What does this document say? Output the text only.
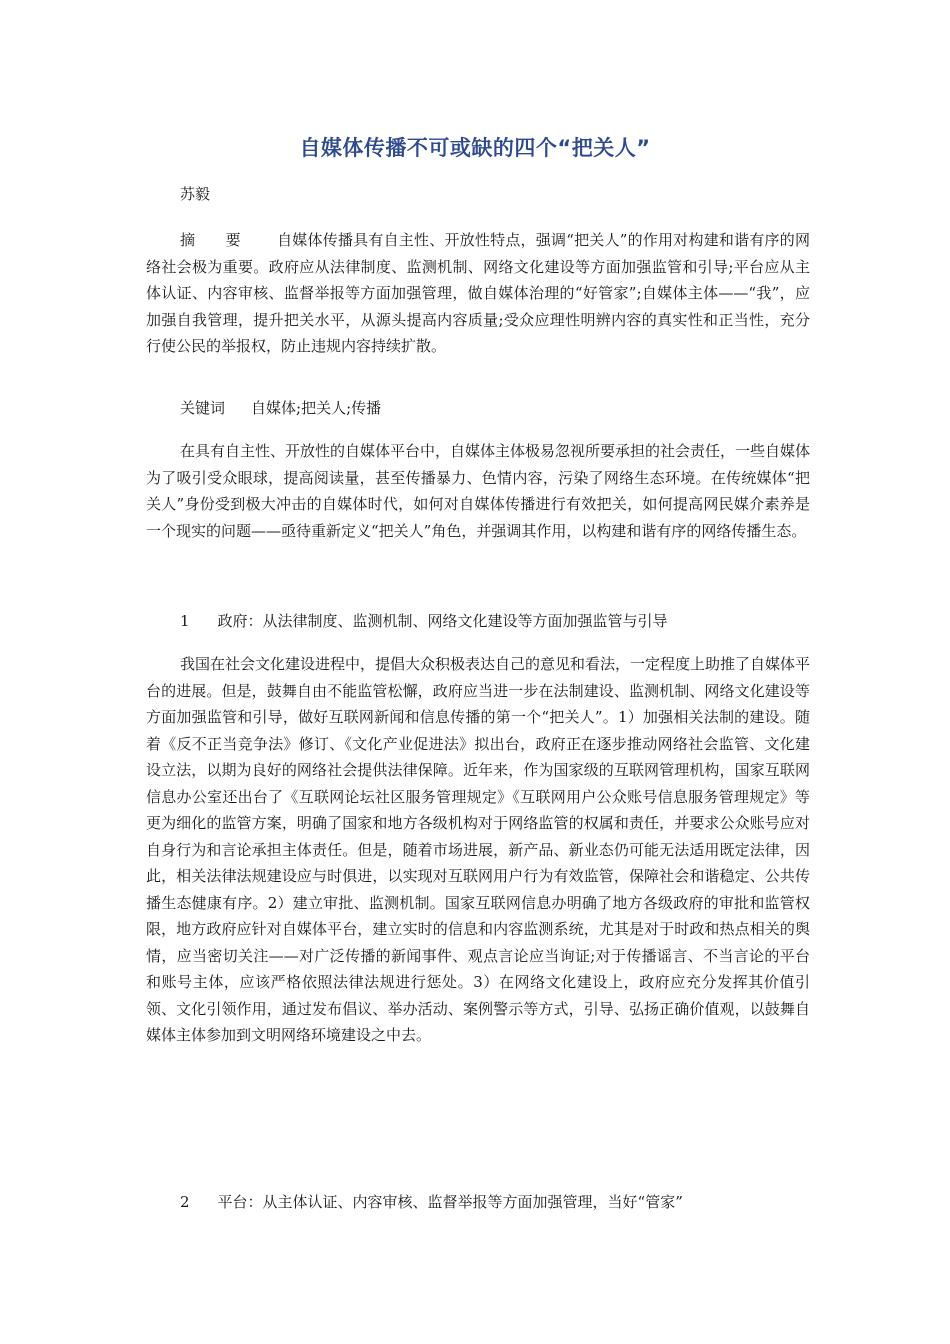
自媒体传播不可或缺的四个“把关人”
苏毅
摘　　要 自媒体传播具有自主性、开放性特点，强调“把关人”的作用对构建和谐有序的网络社会极为重要。政府应从法律制度、监测机制、网络文化建设等方面加强监管和引导;平台应从主体认证、内容审核、监督举报等方面加强管理，做自媒体治理的“好管家”;自媒体主体——“我”，应加强自我管理，提升把关水平，从源头提高内容质量;受众应理性明辨内容的真实性和正当性，充分行使公民的举报权，防止违规内容持续扩散。
关键词 自媒体;把关人;传播
在具有自主性、开放性的自媒体平台中，自媒体主体极易忽视所要承担的社会责任，一些自媒体为了吸引受众眼球，提高阅读量，甚至传播暴力、色情内容，污染了网络生态环境。在传统媒体“把关人”身份受到极大冲击的自媒体时代，如何对自媒体传播进行有效把关，如何提高网民媒介素养是一个现实的问题——亟待重新定义“把关人”角色，并强调其作用，以构建和谐有序的网络传播生态。
1 政府：从法律制度、监测机制、网络文化建设等方面加强监管与引导
我国在社会文化建设进程中，提倡大众积极表达自己的意见和看法，一定程度上助推了自媒体平台的进展。但是，鼓舞自由不能监管松懈，政府应当进一步在法制建设、监测机制、网络文化建设等方面加强监管和引导，做好互联网新闻和信息传播的第一个“把关人”。1）加强相关法制的建设。随着《反不正当竞争法》修订、《文化产业促进法》拟出台，政府正在逐步推动网络社会监管、文化建设立法，以期为良好的网络社会提供法律保障。近年来，作为国家级的互联网管理机构，国家互联网信息办公室还出台了《互联网论坛社区服务管理规定》《互联网用户公众账号信息服务管理规定》等更为细化的监管方案，明确了国家和地方各级机构对于网络监管的权属和责任，并要求公众账号应对自身行为和言论承担主体责任。但是，随着市场进展，新产品、新业态仍可能无法适用既定法律，因此，相关法律法规建设应与时俱进，以实现对互联网用户行为有效监管，保障社会和谐稳定、公共传播生态健康有序。2）建立审批、监测机制。国家互联网信息办明确了地方各级政府的审批和监管权限，地方政府应针对自媒体平台，建立实时的信息和内容监测系统，尤其是对于时政和热点相关的舆情，应当密切关注——对广泛传播的新闻事件、观点言论应当询证;对于传播谣言、不当言论的平台和账号主体，应该严格依照法律法规进行惩处。3）在网络文化建设上，政府应充分发挥其价值引领、文化引领作用，通过发布倡议、举办活动、案例警示等方式，引导、弘扬正确价值观，以鼓舞自媒体主体参加到文明网络环境建设之中去。
2 平台：从主体认证、内容审核、监督举报等方面加强管理，当好“管家”
